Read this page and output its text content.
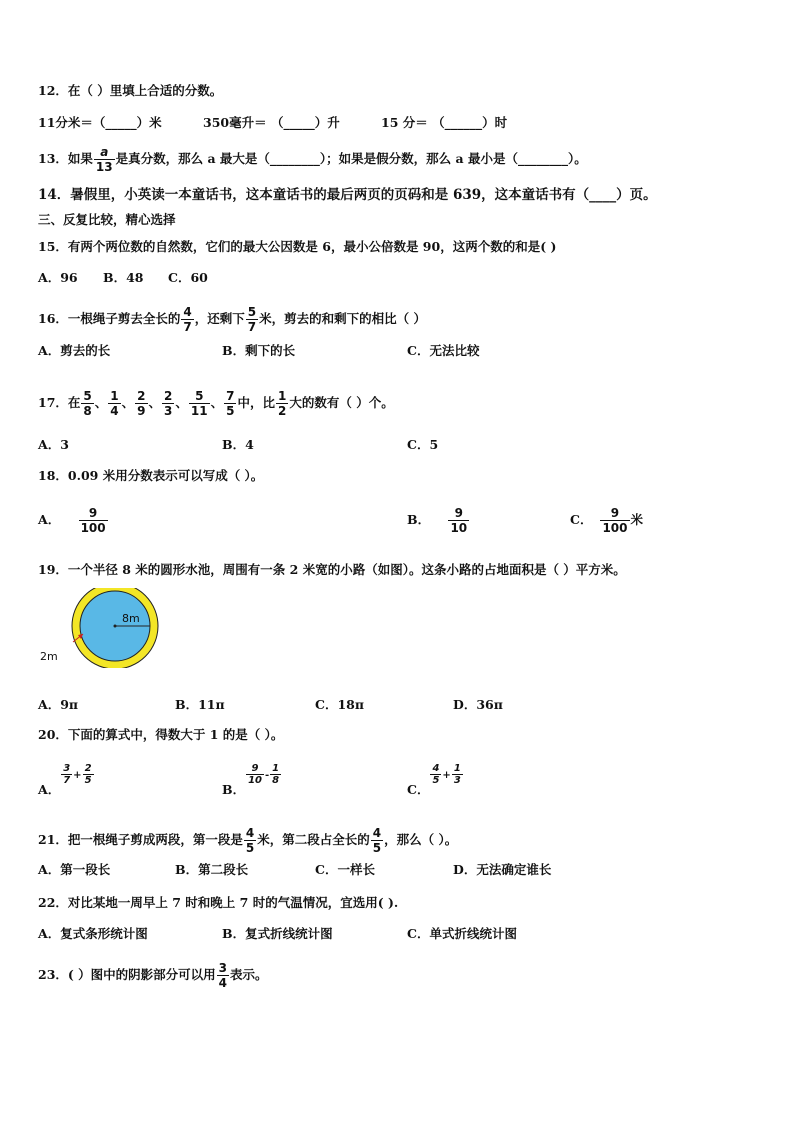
12．在（ ）里填上合适的分数。
11分米＝（_____）米	350毫升＝ （_____）升	15 分＝ （______）时
13．如果 $\frac{a}{13}$ 是真分数，那么 a 最大是（________）；如果是假分数，那么 a 最小是（________）。
14．暑假里，小英读一本童话书，这本童话书的最后两页的页码和是 639，这本童话书有（____）页。
三、反复比较，精心选择
15．有两个两位数的自然数，它们的最大公因数是 6，最小公倍数是 90，这两个数的和是( )
A．96 B．48 C．60
16．一根绳子剪去全长的 $\frac{4}{7}$ ，还剩下 $\frac{5}{7}$ 米，剪去的和剩下的相比（ ）
A．剪去的长	B．剩下的长	C．无法比较
17．在 $\frac{5}{8}$ 、 $\frac{1}{4}$ 、 $\frac{2}{9}$ 、 $\frac{2}{3}$ 、 $\frac{5}{11}$ 、 $\frac{7}{5}$ 中，比 $\frac{1}{2}$ 大的数有（ ）个。
A．3	B．4	C．5
18．0.09 米用分数表示可以写成（ ）。
A． $\frac{9}{100}$	B． $\frac{9}{10}$	C． $\frac{9}{100}$ 米
19．一个半径 8 米的圆形水池，周围有一条 2 米宽的小路（如图）。这条小路的占地面积是（ ）平方米。
8m
2m
A．9π	B．11π	C．18π	D．36π
20．下面的算式中，得数大于 1 的是（ ）。
A．
$\frac{3}{7} + \frac{2}{5}$
B．
$\frac{9}{10} - \frac{1}{8}$
C．
$\frac{4}{5} + \frac{1}{3}$
21．把一根绳子剪成两段，第一段是 $\frac{4}{5}$ 米，第二段占全长的 $\frac{4}{5}$ ，那么（ ）。
A．第一段长	B．第二段长	C．一样长	D．无法确定谁长
22．对比某地一周早上 7 时和晚上 7 时的气温情况，宜选用( ).
A．复式条形统计图	B．复式折线统计图	C．单式折线统计图
23．( ）图中的阴影部分可以用 $\frac{3}{4}$ 表示。
